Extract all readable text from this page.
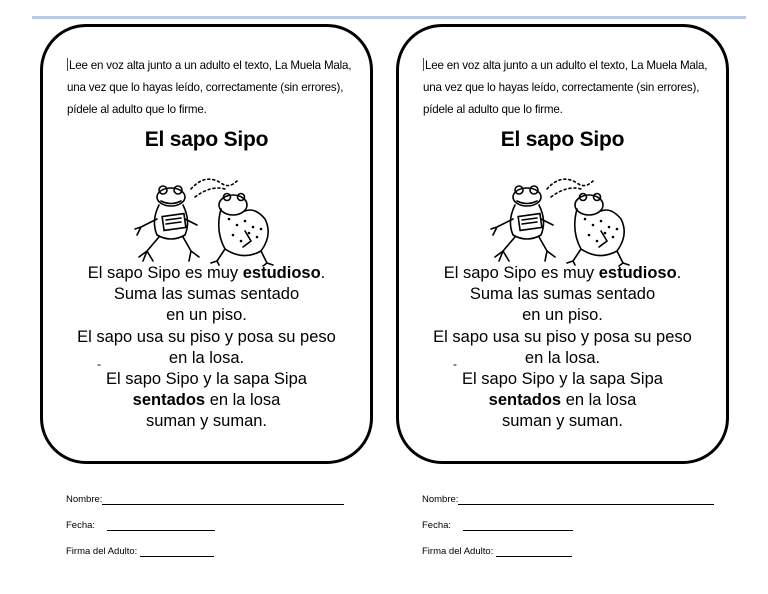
Lee en voz alta junto a un adulto el texto, La Muela Mala, una vez que lo hayas leído, correctamente (sin errores), pídele al adulto que lo firme.
El sapo Sipo
El sapo Sipo es muy estudioso.
Suma las sumas sentado
en un piso.
El sapo usa su piso y posa su peso
en la losa.
El sapo Sipo y la sapa Sipa
sentados en la losa
suman y suman.
-
Lee en voz alta junto a un adulto el texto, La Muela Mala, una vez que lo hayas leído, correctamente (sin errores), pídele al adulto que lo firme.
El sapo Sipo
El sapo Sipo es muy estudioso.
Suma las sumas sentado
en un piso.
El sapo usa su piso y posa su peso
en la losa.
El sapo Sipo y la sapa Sipa
sentados en la losa
suman y suman.
-
Nombre:
Fecha:
Firma del Adulto:
Nombre:
Fecha:
Firma del Adulto:
